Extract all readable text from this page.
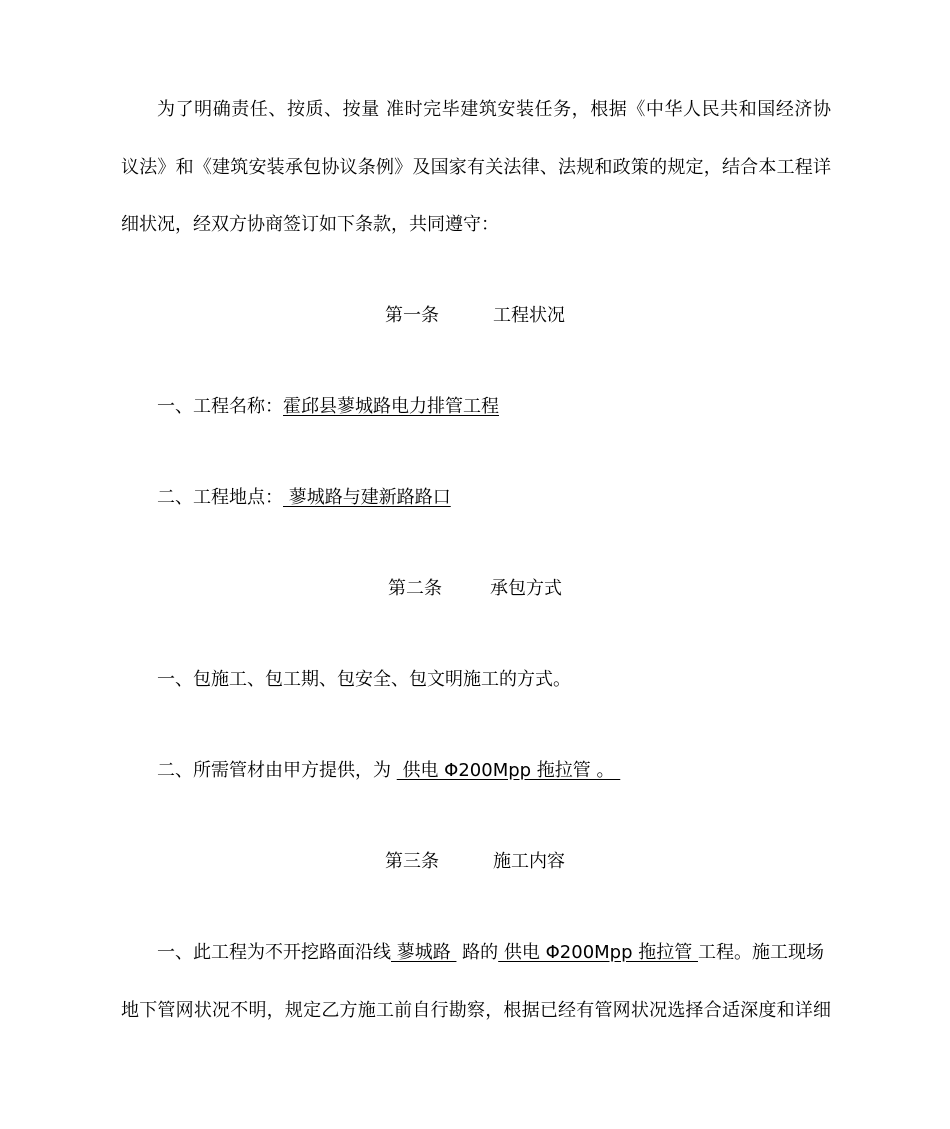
为了明确责任、按质、按量 准时完毕建筑安装任务，根据《中华人民共和国经济协
议法》和《建筑安装承包协议条例》及国家有关法律、法规和政策的规定，结合本工程详
细状况，经双方协商签订如下条款，共同遵守：
第一条	工程状况
一、工程名称：霍邱县蓼城路电力排管工程
二、工程地点： 蓼城路与建新路路口
第二条	承包方式
一、包施工、包工期、包安全、包文明施工的方式。
二、所需管材由甲方提供，为  供电 Φ200Mpp 拖拉管 。
第三条	施工内容
一、此工程为不开挖路面沿线 蓼城路  路的 供电 Φ200Mpp 拖拉管 工程。施工现场
地下管网状况不明，规定乙方施工前自行勘察，根据已经有管网状况选择合适深度和详细
